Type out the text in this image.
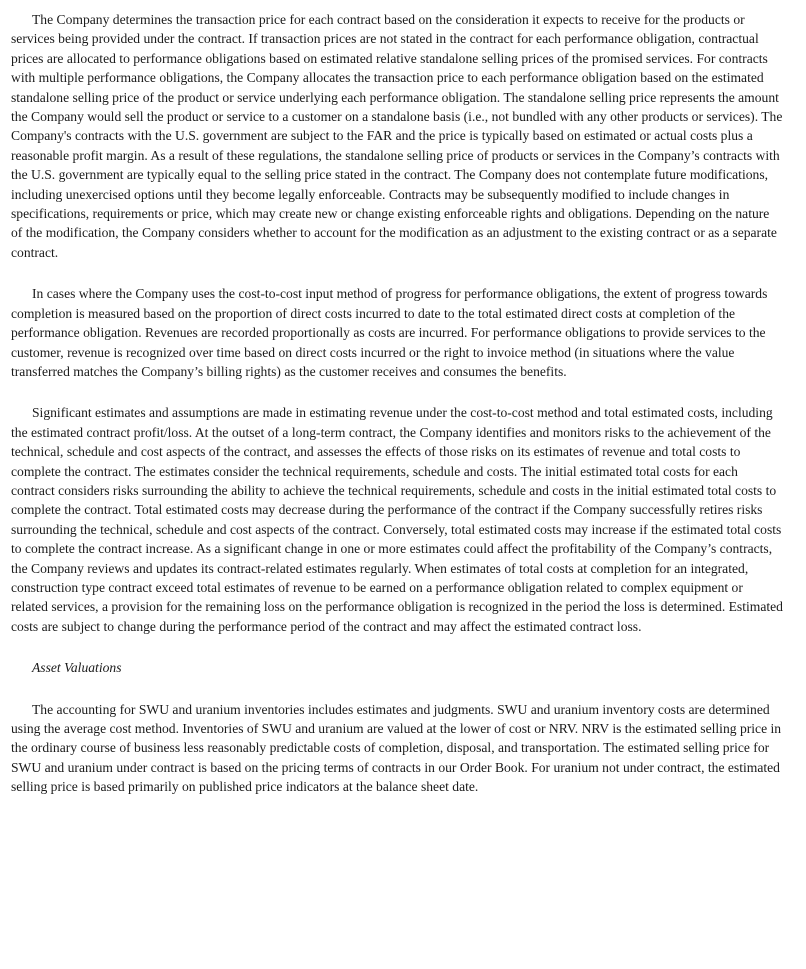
The Company determines the transaction price for each contract based on the consideration it expects to receive for the products or services being provided under the contract. If transaction prices are not stated in the contract for each performance obligation, contractual prices are allocated to performance obligations based on estimated relative standalone selling prices of the promised services. For contracts with multiple performance obligations, the Company allocates the transaction price to each performance obligation based on the estimated standalone selling price of the product or service underlying each performance obligation. The standalone selling price represents the amount the Company would sell the product or service to a customer on a standalone basis (i.e., not bundled with any other products or services). The Company's contracts with the U.S. government are subject to the FAR and the price is typically based on estimated or actual costs plus a reasonable profit margin. As a result of these regulations, the standalone selling price of products or services in the Company’s contracts with the U.S. government are typically equal to the selling price stated in the contract. The Company does not contemplate future modifications, including unexercised options until they become legally enforceable. Contracts may be subsequently modified to include changes in specifications, requirements or price, which may create new or change existing enforceable rights and obligations. Depending on the nature of the modification, the Company considers whether to account for the modification as an adjustment to the existing contract or as a separate contract.

In cases where the Company uses the cost-to-cost input method of progress for performance obligations, the extent of progress towards completion is measured based on the proportion of direct costs incurred to date to the total estimated direct costs at completion of the performance obligation. Revenues are recorded proportionally as costs are incurred. For performance obligations to provide services to the customer, revenue is recognized over time based on direct costs incurred or the right to invoice method (in situations where the value transferred matches the Company’s billing rights) as the customer receives and consumes the benefits.

Significant estimates and assumptions are made in estimating revenue under the cost-to-cost method and total estimated costs, including the estimated contract profit/loss. At the outset of a long-term contract, the Company identifies and monitors risks to the achievement of the technical, schedule and cost aspects of the contract, and assesses the effects of those risks on its estimates of revenue and total costs to complete the contract. The estimates consider the technical requirements, schedule and costs. The initial estimated total costs for each contract considers risks surrounding the ability to achieve the technical requirements, schedule and costs in the initial estimated total costs to complete the contract. Total estimated costs may decrease during the performance of the contract if the Company successfully retires risks surrounding the technical, schedule and cost aspects of the contract. Conversely, total estimated costs may increase if the estimated total costs to complete the contract increase. As a significant change in one or more estimates could affect the profitability of the Company’s contracts, the Company reviews and updates its contract-related estimates regularly. When estimates of total costs at completion for an integrated, construction type contract exceed total estimates of revenue to be earned on a performance obligation related to complex equipment or related services, a provision for the remaining loss on the performance obligation is recognized in the period the loss is determined. Estimated costs are subject to change during the performance period of the contract and may affect the estimated contract loss.

Asset Valuations

The accounting for SWU and uranium inventories includes estimates and judgments. SWU and uranium inventory costs are determined using the average cost method. Inventories of SWU and uranium are valued at the lower of cost or NRV. NRV is the estimated selling price in the ordinary course of business less reasonably predictable costs of completion, disposal, and transportation. The estimated selling price for SWU and uranium under contract is based on the pricing terms of contracts in our Order Book. For uranium not under contract, the estimated selling price is based primarily on published price indicators at the balance sheet date.
